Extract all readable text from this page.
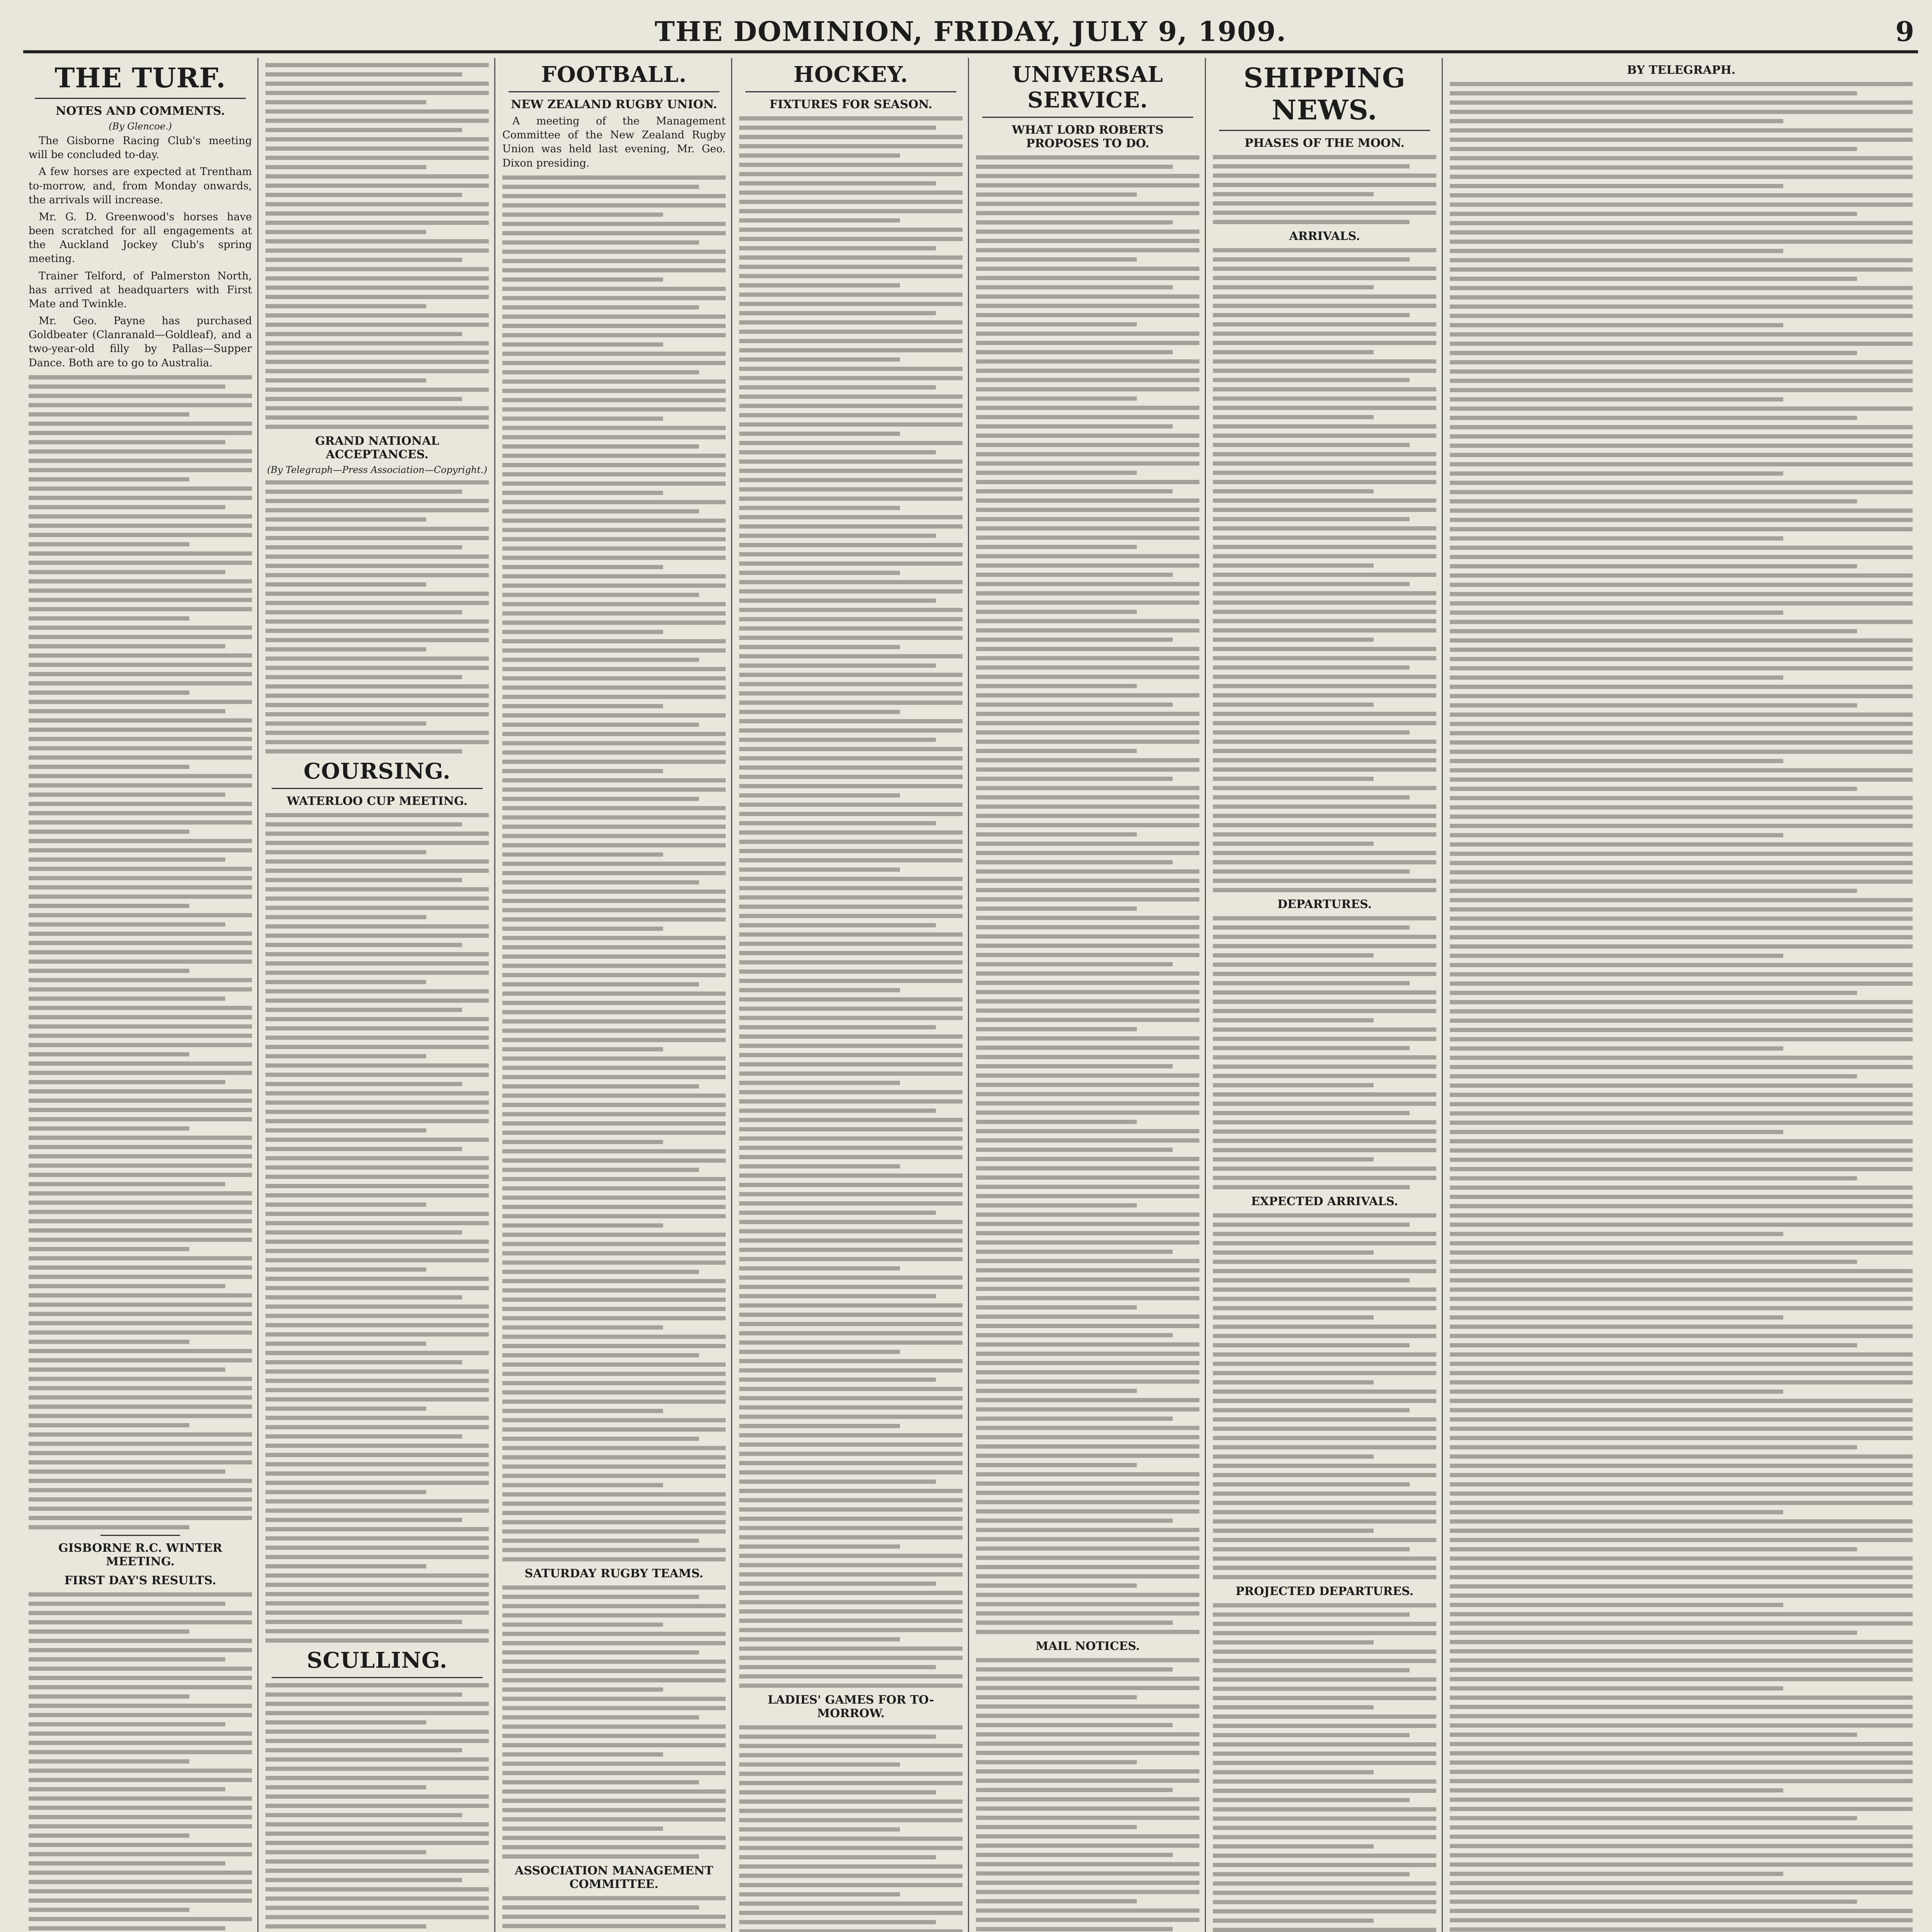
THE DOMINION, FRIDAY, JULY 9, 1909.	9
THE TURF.
NOTES AND COMMENTS.
(By Glencoe.)
The Gisborne Racing Club's meeting will be concluded to-day.
A few horses are expected at Trentham to-morrow, and, from Monday onwards, the arrivals will increase.
Mr. G. D. Greenwood's horses have been scratched for all engagements at the Auckland Jockey Club's spring meeting.
Trainer Telford, of Palmerston North, has arrived at headquarters with First Mate and Twinkle.
Mr. Geo. Payne has purchased Goldbeater (Clanranald—Goldleaf), and a two-year-old filly by Pallas—Supper Dance. Both are to go to Australia.
GISBORNE R.C. WINTER MEETING.
FIRST DAY'S RESULTS.
GRAND NATIONAL ACCEPTANCES.
(By Telegraph—Press Association—Copyright.)
COURSING.
WATERLOO CUP MEETING.
SCULLING.
FOOTBALL.
NEW ZEALAND RUGBY UNION.
A meeting of the Management Committee of the New Zealand Rugby Union was held last evening, Mr. Geo. Dixon presiding.
SATURDAY RUGBY TEAMS.
ASSOCIATION MANAGEMENT COMMITTEE.
HOCKEY.
FIXTURES FOR SEASON.
LADIES' GAMES FOR TO-MORROW.
UNIVERSAL SERVICE.
WHAT LORD ROBERTS PROPOSES TO DO.
MAIL NOTICES.
SHIPPING NEWS.
PHASES OF THE MOON.
ARRIVALS.
DEPARTURES.
EXPECTED ARRIVALS.
PROJECTED DEPARTURES.
BY TELEGRAPH.
